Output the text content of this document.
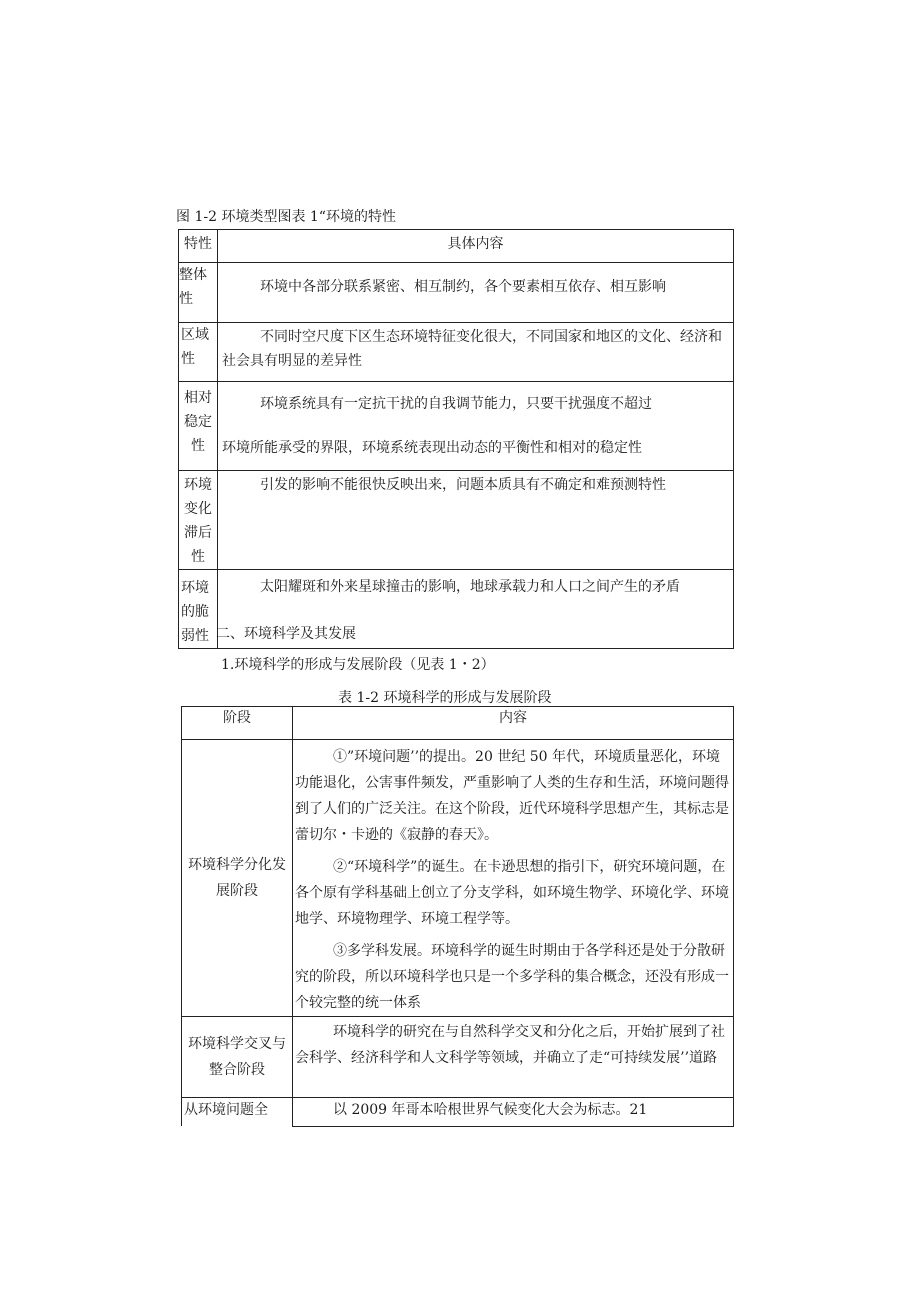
图 1-2 环境类型图表 1“环境的特性
特性	具体内容

整体性	环境中各部分联系紧密、相互制约，各个要素相互依存、相互影响

区域性	不同时空尺度下区生态环境特征变化很大，不同国家和地区的文化、经济和社会具有明显的差异性

相对稳定性	环境系统具有一定抗干扰的自我调节能力，只要干扰强度不超过
环境所能承受的界限，环境系统表现出动态的平衡性和相对的稳定性

环境变化滞后性	引发的影响不能很快反映出来，问题本质具有不确定和难预测特性

环境的脆弱性	太阳耀斑和外来星球撞击的影响，地球承载力和人口之间产生的矛盾
二、环境科学及其发展
1.环境科学的形成与发展阶段（见表 1・2）
表 1-2 环境科学的形成与发展阶段
阶段	内容
环境科学分化发展阶段	①”环境问题’’的提出。20 世纪 50 年代，环境质量恶化，环境功能退化，公害事件频发，严重影响了人类的生存和生活，环境问题得到了人们的广泛关注。在这个阶段，近代环境科学思想产生，其标志是蕾切尔・卡逊的《寂静的春天》。

②“环境科学”的诞生。在卡逊思想的指引下，研究环境问题，在各个原有学科基础上创立了分支学科，如环境生物学、环境化学、环境地学、环境物理学、环境工程学等。

③多学科发展。环境科学的诞生时期由于各学科还是处于分散研究的阶段，所以环境科学也只是一个多学科的集合概念，还没有形成一个较完整的统一体系

环境科学交叉与整合阶段	环境科学的研究在与自然科学交叉和分化之后，开始扩展到了社会科学、经济科学和人文科学等领域，并确立了走“可持续发展’’道路

从环境问题全	以 2009 年哥本哈根世界气候变化大会为标志。21
